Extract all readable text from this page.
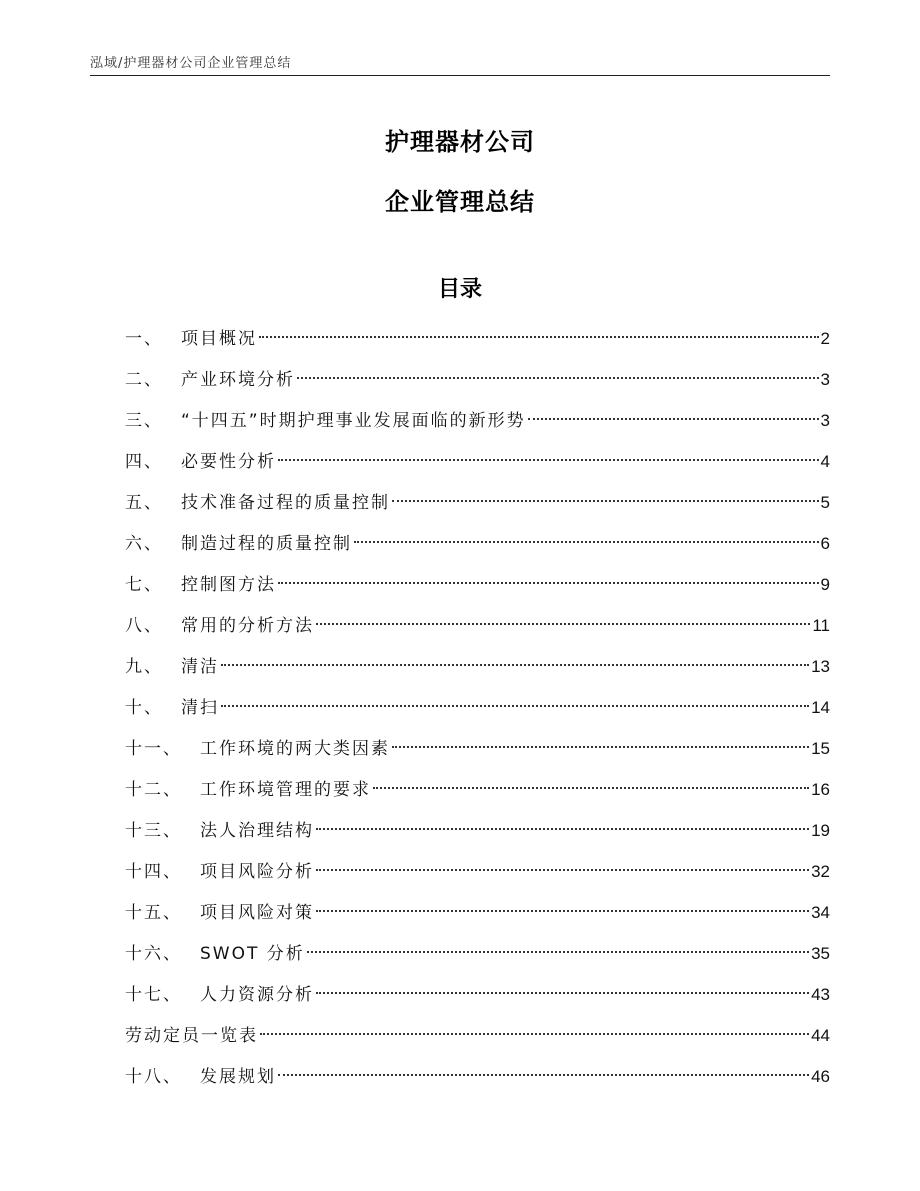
泓域/护理器材公司企业管理总结
护理器材公司
企业管理总结
目录
一、 项目概况	2
二、 产业环境分析	3
三、 “十四五”时期护理事业发展面临的新形势	3
四、 必要性分析	4
五、 技术准备过程的质量控制	5
六、 制造过程的质量控制	6
七、 控制图方法	9
八、 常用的分析方法	11
九、 清洁	13
十、 清扫	14
十一、 工作环境的两大类因素	15
十二、 工作环境管理的要求	16
十三、 法人治理结构	19
十四、 项目风险分析	32
十五、 项目风险对策	34
十六、 SWOT 分析	35
十七、 人力资源分析	43
劳动定员一览表	44
十八、 发展规划	46
